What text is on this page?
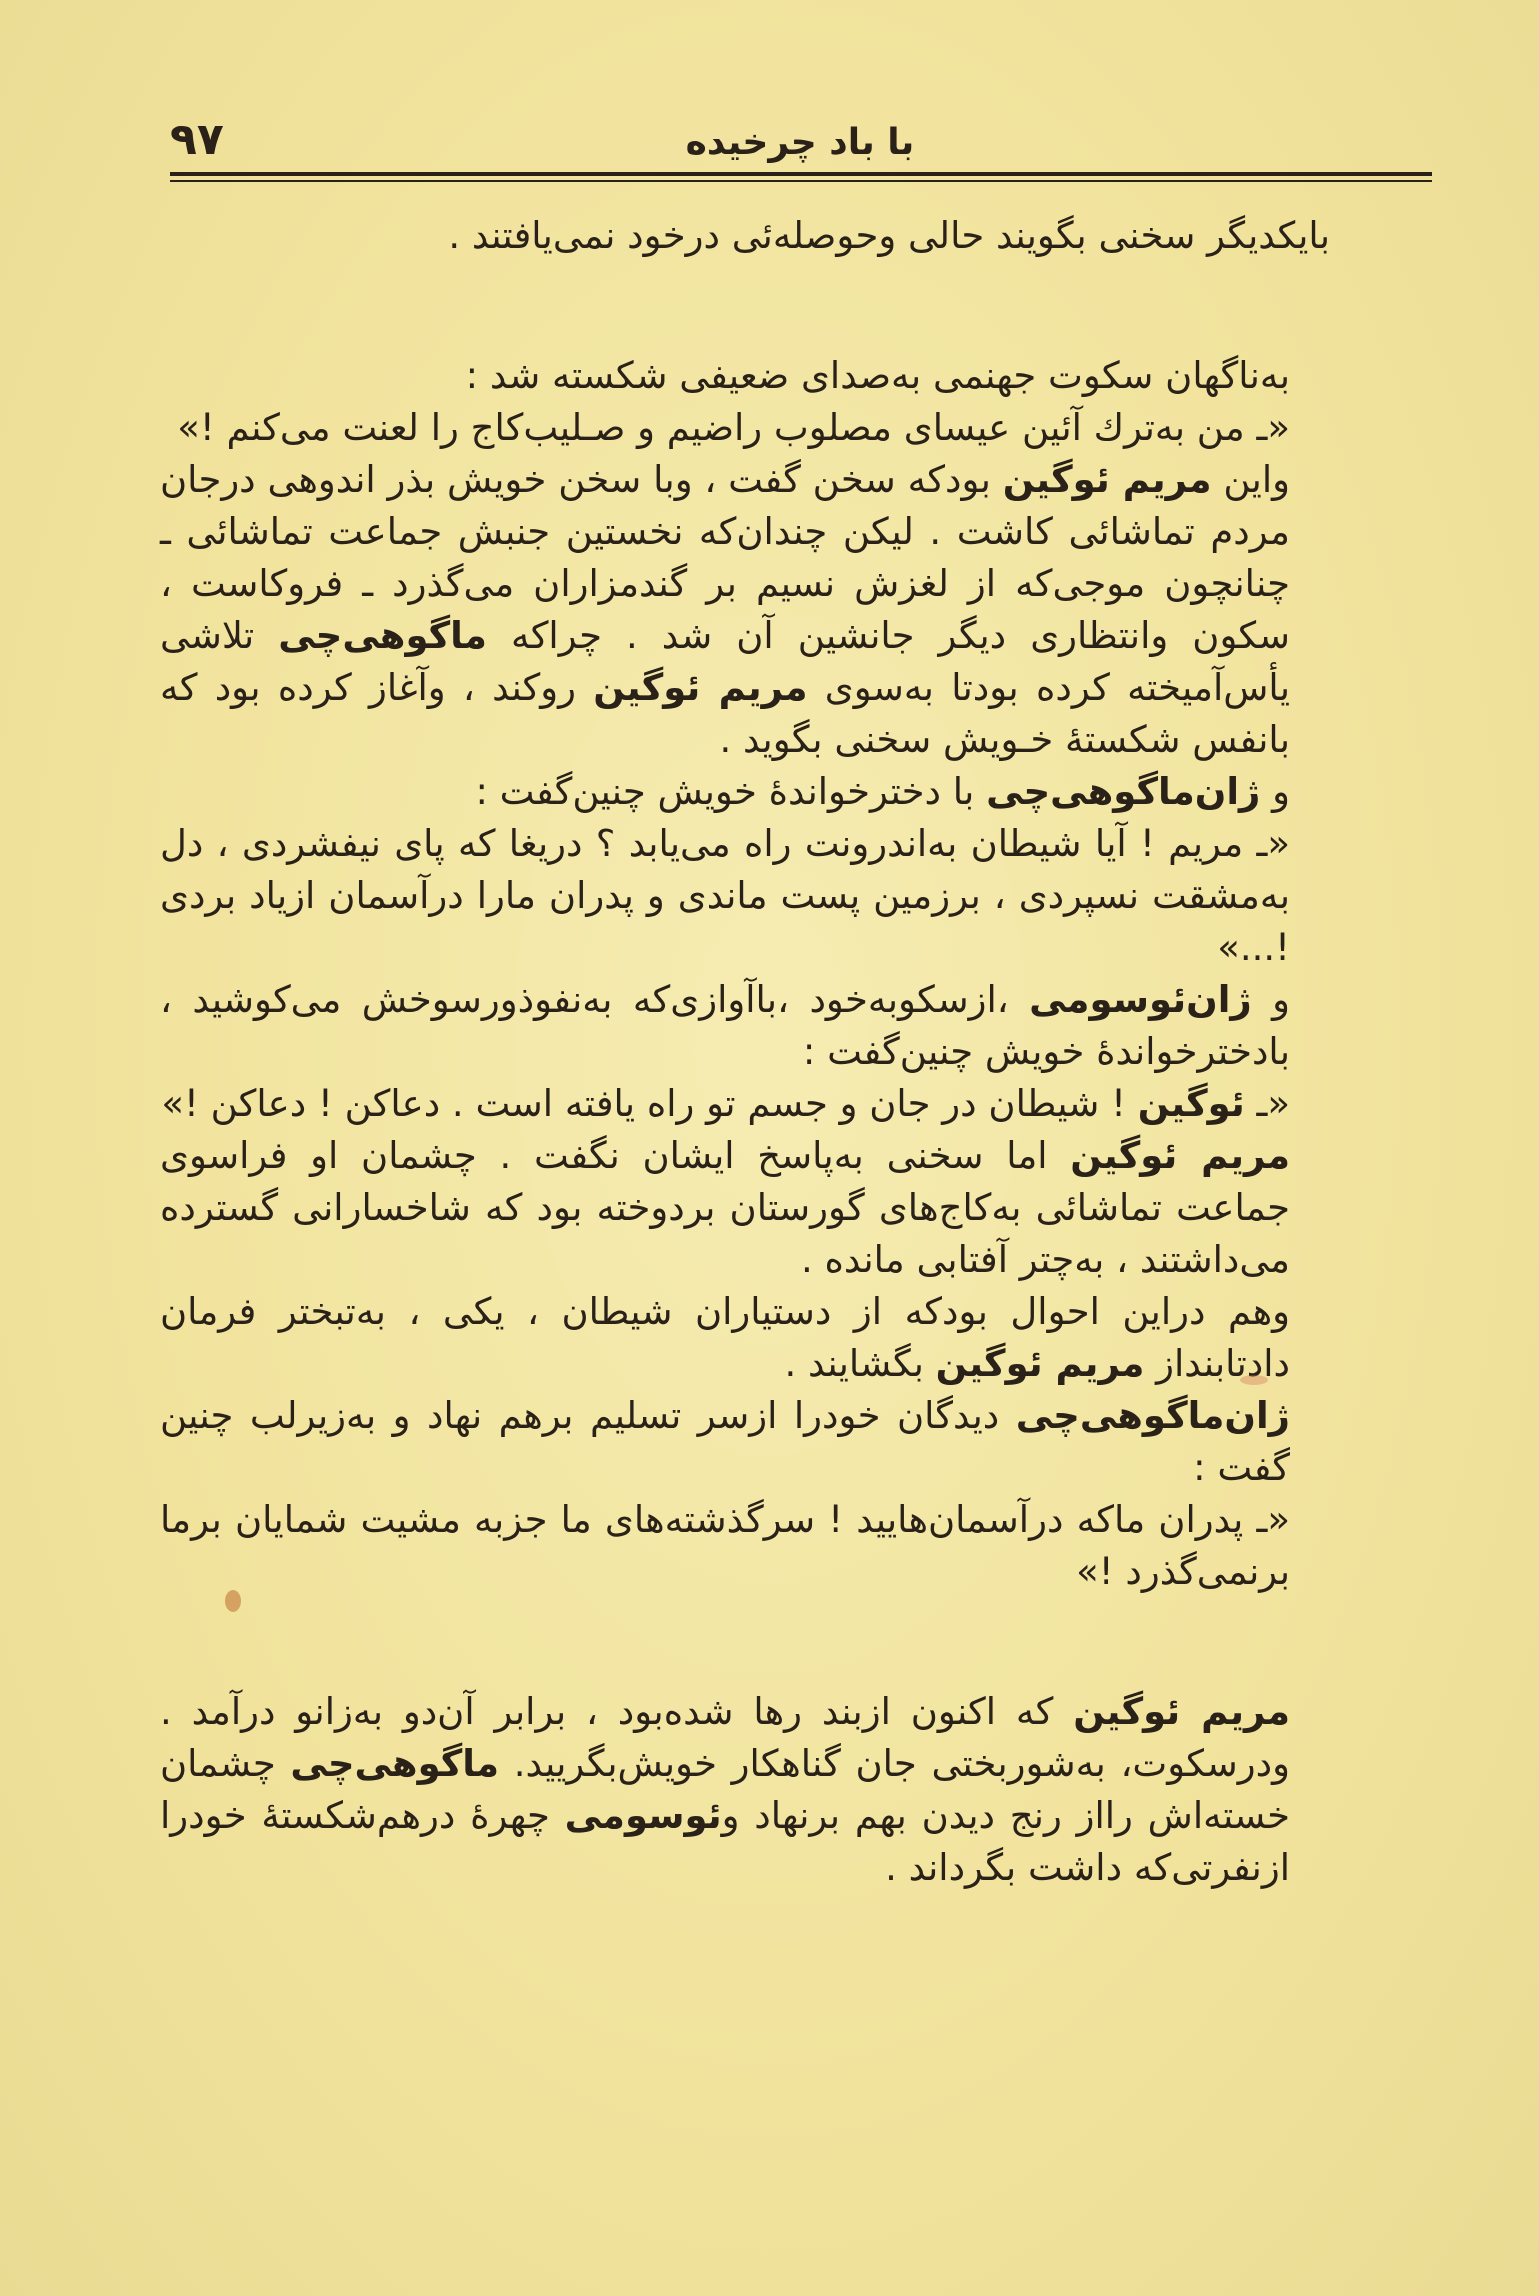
۹۷	با باد چرخیده

بایکدیگر سخنی بگویند حالی وحوصله‌ئی درخود نمی‌یافتند .

به‌ناگهان سکوت جهنمی به‌صدای ضعیفی شکسته شد :

«ـ من به‌ترك آئین عیسای مصلوب راضیم و صـلیب‌کاج را لعنت می‌کنم !»

واین مریم ئوگین بودکه سخن گفت ، وبا سخن خویش بذر اندوهی درجان مردم تماشائی کاشت . لیکن چندان‌که نخستین جنبش جماعت تماشائی ـ چنانچون موجی‌که از لغزش نسیم بر گندمزاران می‌گذرد ـ فروکاست ، سکون وانتظاری دیگر جانشین آن شد . چراکه ماگوهی‌چی تلاشی یأس‌آمیخته کرده بودتا به‌سوی مریم ئوگین روکند ، وآغاز کرده بود که بانفس شکستهٔ خـویش سخنی بگوید .

و ژان‌ماگوهی‌چی با دخترخواندهٔ خویش چنین‌گفت :

«ـ مریم ! آیا شیطان به‌اندرونت راه می‌یابد ؟ دریغا که پای نیفشردی ، دل به‌مشقت نسپردی ، برزمین پست ماندی و پدران مارا درآسمان ازیاد بردی !...»

و ژان‌ئوسومی ،ازسکوبه‌خود ،باآوازی‌که به‌نفوذورسوخش می‌کوشید ، بادخترخواندهٔ خویش چنین‌گفت :

«ـ ئوگین ! شیطان در جان و جسم تو راه یافته است . دعاکن ! دعاکن !»

مریم ئوگین اما سخنی به‌پاسخ ایشان نگفت . چشمان او فراسوی جماعت تماشائی به‌کاج‌های گورستان بردوخته بود که شاخسارانی گسترده می‌داشتند ، به‌چتر آفتابی مانده .

وهم دراین احوال بودکه از دستیاران شیطان ، یکی ، به‌تبختر فرمان دادتابنداز مریم ئوگین بگشایند .

ژان‌ماگوهی‌چی دیدگان خودرا ازسر تسلیم برهم نهاد و به‌زیرلب چنین گفت :

«ـ پدران ماکه درآسمان‌هایید ! سرگذشته‌های ما جزبه مشیت شمایان برما برنمی‌گذرد !»

مریم ئوگین که اکنون ازبند رها شده‌بود ، برابر آن‌دو به‌زانو درآمد . ودرسکوت، به‌شوربختی جان گناهکار خویش‌بگریید. ماگوهی‌چی چشمان خسته‌اش رااز رنج دیدن بهم برنهاد وئوسومی چهرهٔ درهم‌شکستهٔ خودرا ازنفرتی‌که داشت بگرداند .
